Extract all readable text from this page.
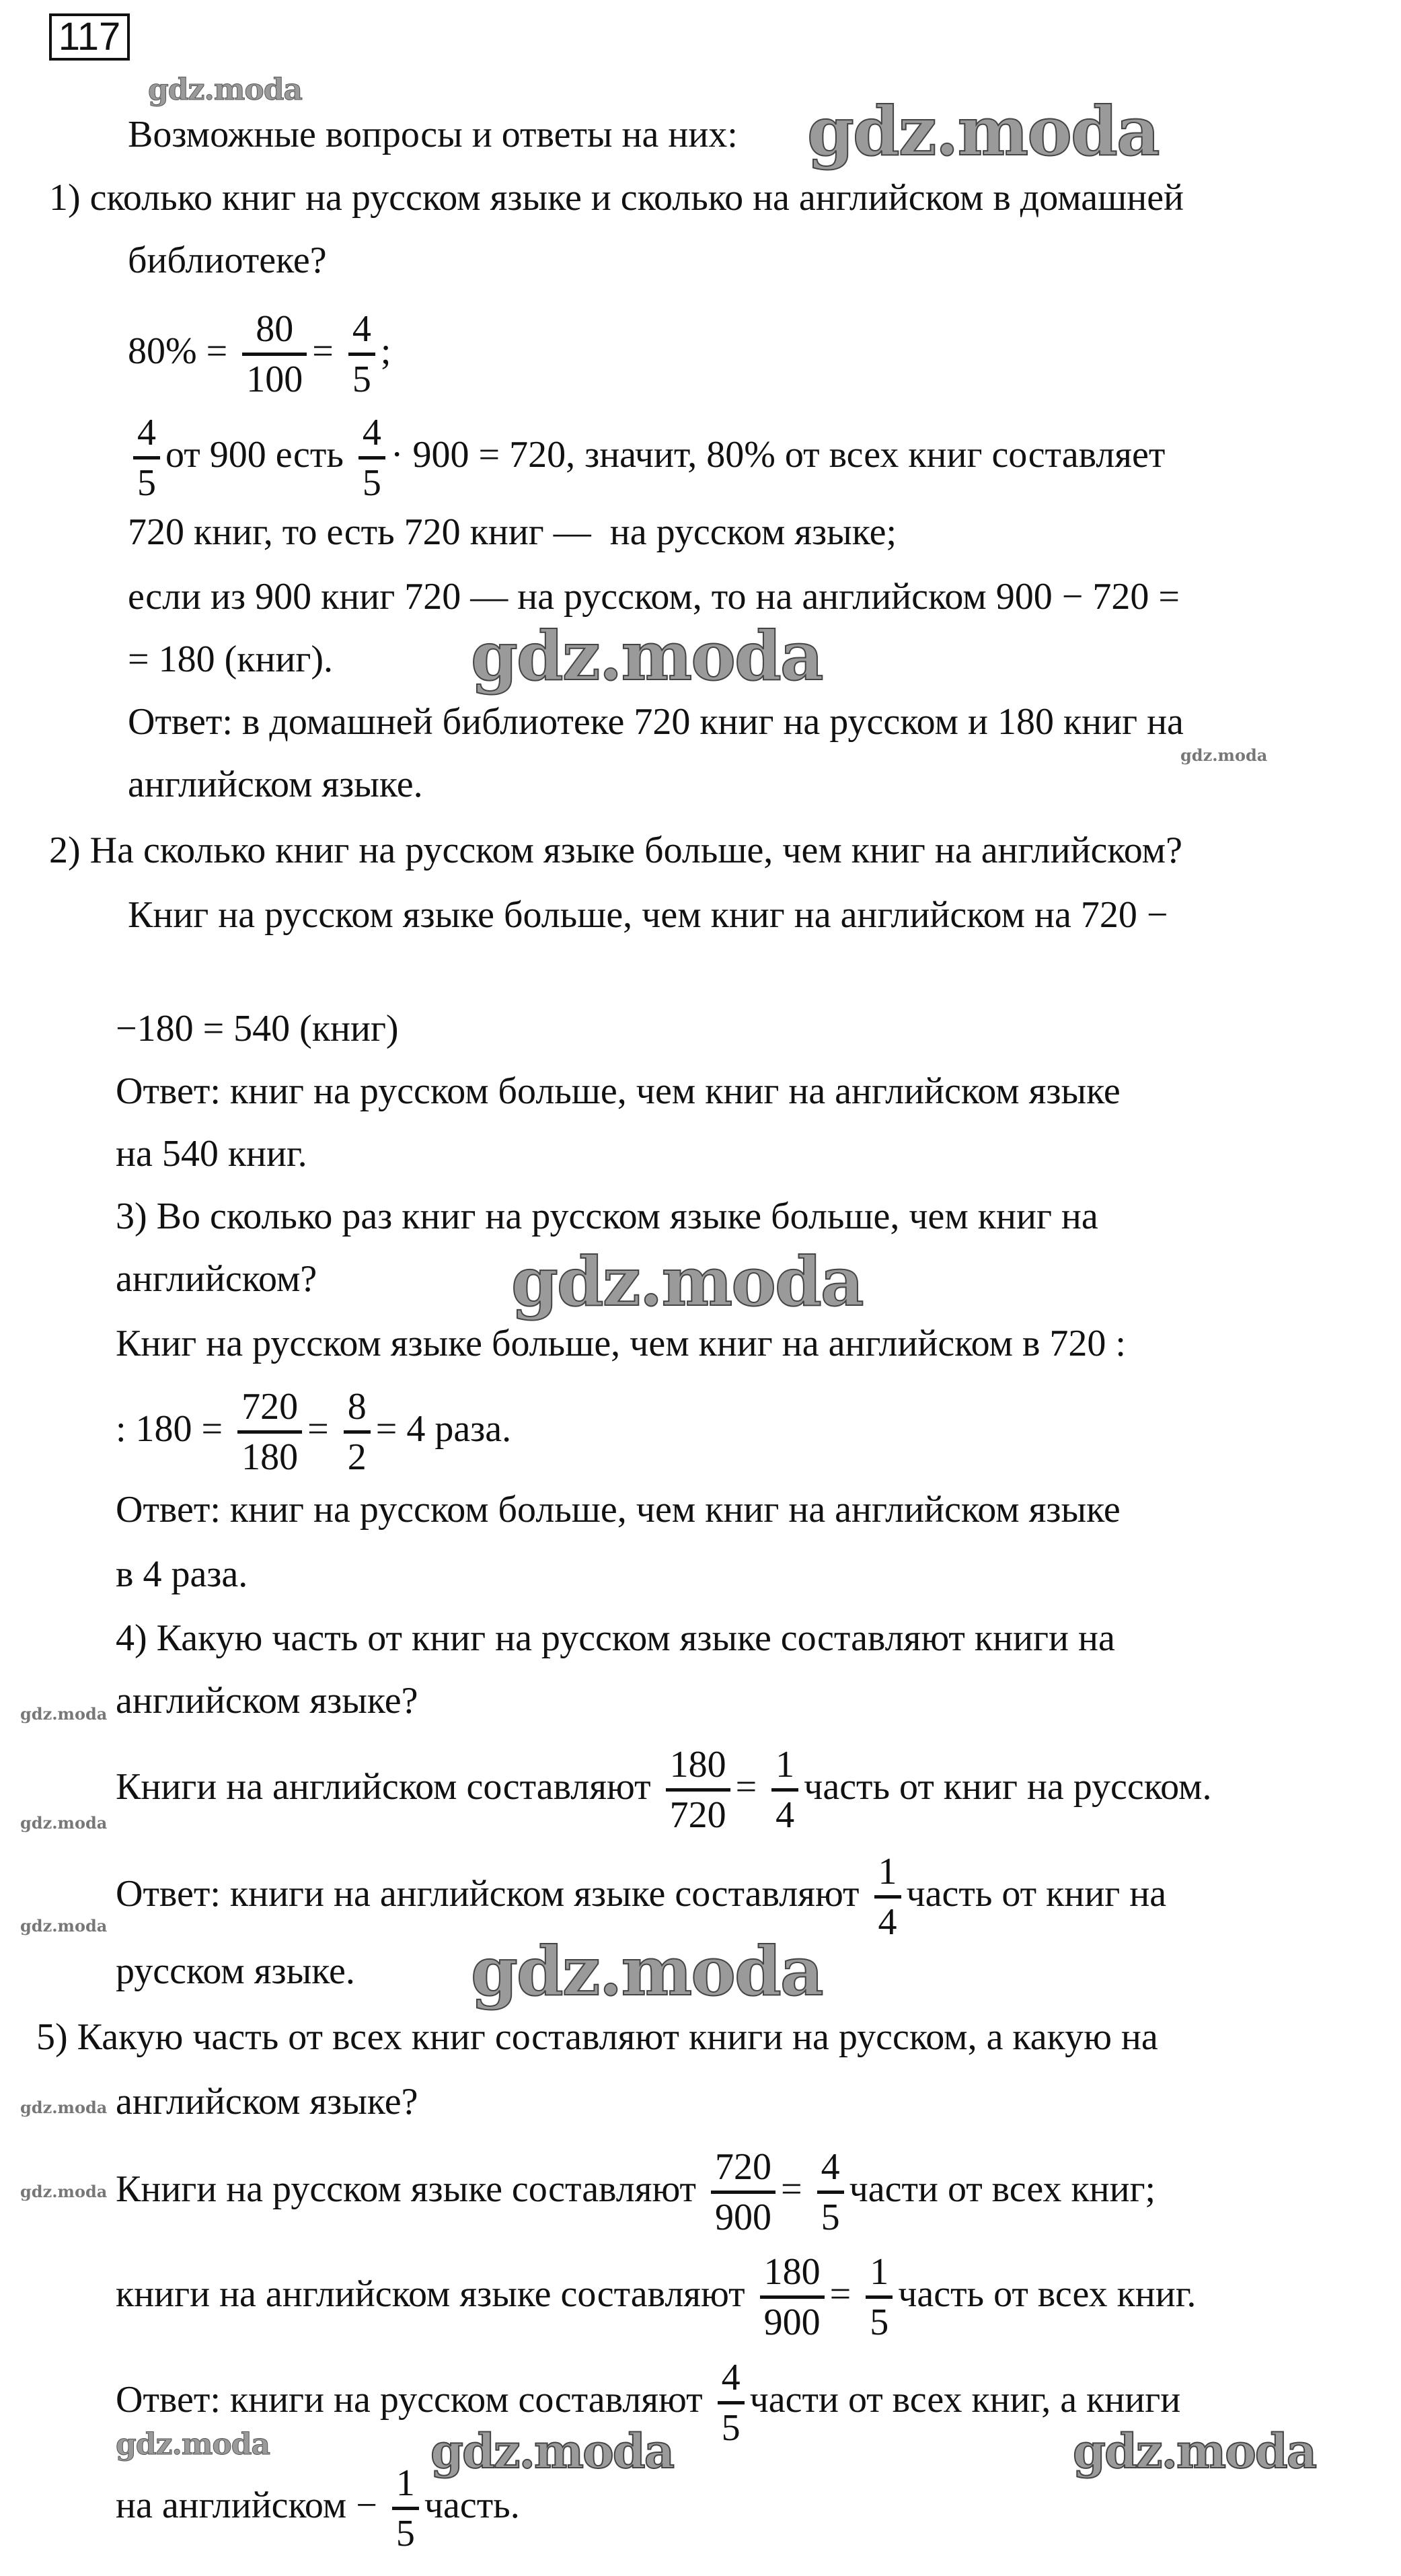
117
Возможные вопросы и ответы на них:
1) сколько книг на русском языке и сколько на английском в домашней
библиотеке?
80% =
80
100
=
4
5
;
4
5
от 900 есть
4
5
· 900 = 720, значит, 80% от всех книг составляет
720 книг, то есть 720 книг —  на русском языке;
если из 900 книг 720 — на русском, то на английском 900 − 720 =
= 180 (книг).
Ответ: в домашней библиотеке 720 книг на русском и 180 книг на
английском языке.
2) На сколько книг на русском языке больше, чем книг на английском?
Книг на русском языке больше, чем книг на английском на 720 −
−180 = 540 (книг)
Ответ: книг на русском больше, чем книг на английском языке
на 540 книг.
3) Во сколько раз книг на русском языке больше, чем книг на
английском?
Книг на русском языке больше, чем книг на английском в 720 :
: 180 =
720
180
=
8
2
= 4 раза.
Ответ: книг на русском больше, чем книг на английском языке
в 4 раза.
4) Какую часть от книг на русском языке составляют книги на
английском языке?
Книги на английском составляют
180
720
=
1
4
часть от книг на русском.
Ответ: книги на английском языке составляют
1
4
часть от книг на
русском языке.
5) Какую часть от всех книг составляют книги на русском, а какую на
английском языке?
Книги на русском языке составляют
720
900
=
4
5
части от всех книг;
книги на английском языке составляют
180
900
=
1
5
часть от всех книг.
Ответ: книги на русском составляют
4
5
части от всех книг, а книги
на английском −
1
5
часть.
gdz.moda
gdz.moda
gdz.moda
gdz.moda
gdz.moda
gdz.moda
gdz.moda
gdz.moda
gdz.moda
gdz.moda
gdz.moda
gdz.moda	gdz.moda
gdz.moda
